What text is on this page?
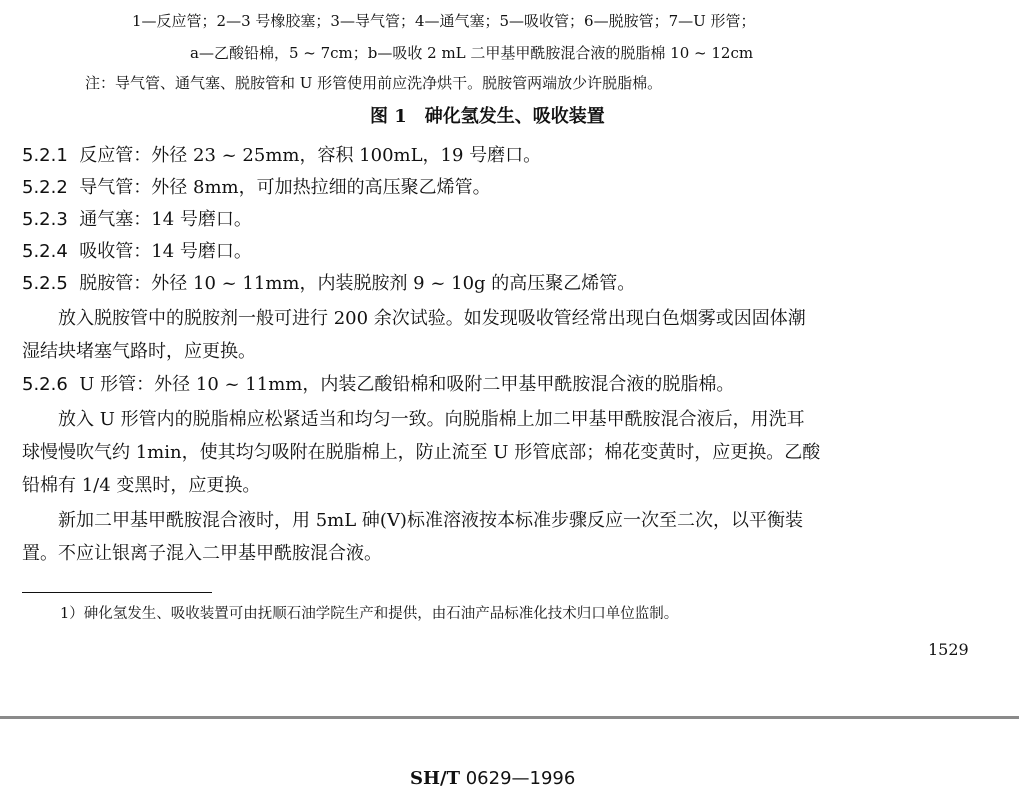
1—反应管；2—3 号橡胶塞；3—导气管；4—通气塞；5—吸收管；6—脱胺管；7—U 形管；
a—乙酸铅棉，5 ~ 7cm；b—吸收 2 mL 二甲基甲酰胺混合液的脱脂棉 10 ~ 12cm
注：导气管、通气塞、脱胺管和 U 形管使用前应洗净烘干。脱胺管两端放少许脱脂棉。
图 1　砷化氢发生、吸收装置
5.2.1 反应管：外径 23 ~ 25mm，容积 100mL，19 号磨口。
5.2.2 导气管：外径 8mm，可加热拉细的高压聚乙烯管。
5.2.3 通气塞：14 号磨口。
5.2.4 吸收管：14 号磨口。
5.2.5 脱胺管：外径 10 ~ 11mm，内装脱胺剂 9 ~ 10g 的高压聚乙烯管。
放入脱胺管中的脱胺剂一般可进行 200 余次试验。如发现吸收管经常出现白色烟雾或因固体潮
湿结块堵塞气路时，应更换。
5.2.6 U 形管：外径 10 ~ 11mm，内装乙酸铅棉和吸附二甲基甲酰胺混合液的脱脂棉。
放入 U 形管内的脱脂棉应松紧适当和均匀一致。向脱脂棉上加二甲基甲酰胺混合液后，用洗耳
球慢慢吹气约 1min，使其均匀吸附在脱脂棉上，防止流至 U 形管底部；棉花变黄时，应更换。乙酸
铅棉有 1/4 变黑时，应更换。
新加二甲基甲酰胺混合液时，用 5mL 砷(V)标准溶液按本标准步骤反应一次至二次，以平衡装
置。不应让银离子混入二甲基甲酰胺混合液。
1）砷化氢发生、吸收装置可由抚顺石油学院生产和提供，由石油产品标准化技术归口单位监制。
1529
SH/T 0629—1996
